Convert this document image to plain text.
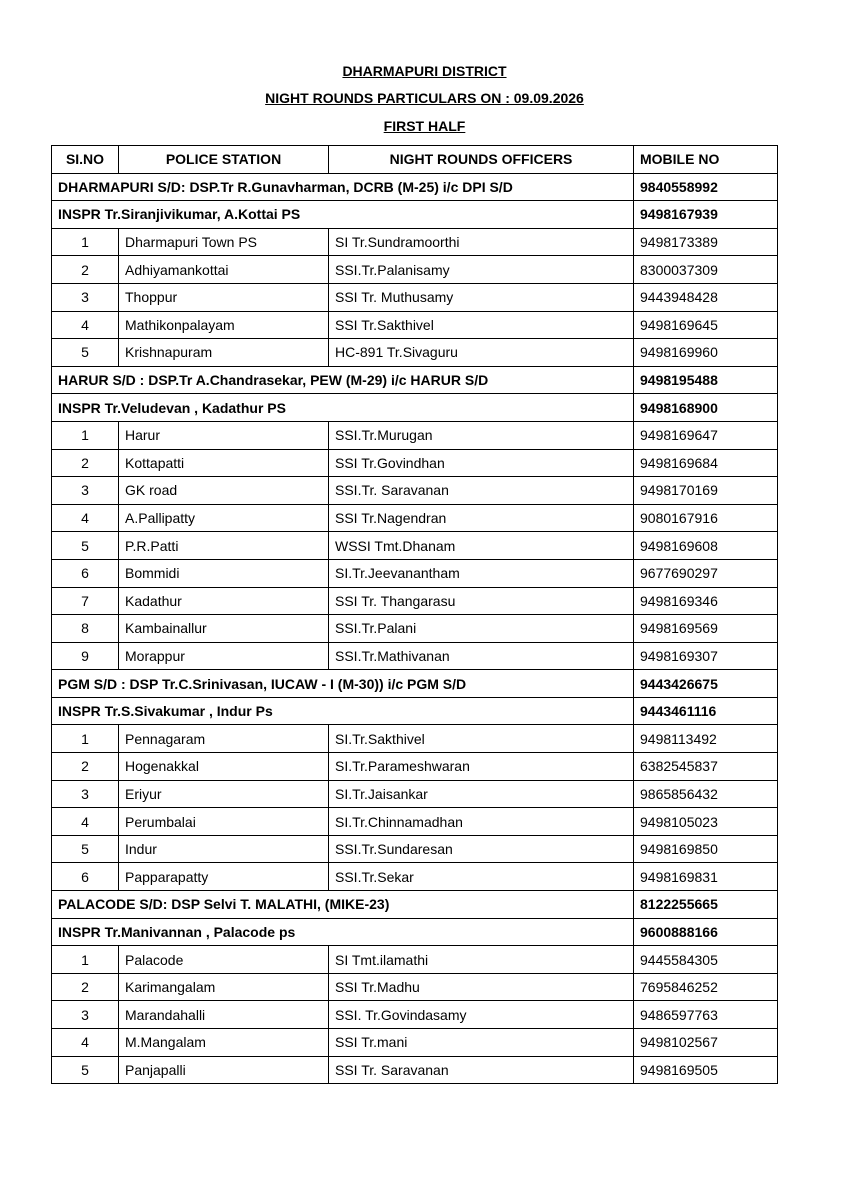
DHARMAPURI DISTRICT
NIGHT ROUNDS PARTICULARS ON : 09.09.2026
FIRST HALF
SI.NO	POLICE STATION	NIGHT ROUNDS OFFICERS	MOBILE NO
DHARMAPURI S/D: DSP.Tr R.Gunavharman, DCRB (M-25) i/c DPI S/D			9840558992
INSPR Tr.Siranjivikumar, A.Kottai PS			9498167939
1	Dharmapuri Town PS	SI Tr.Sundramoorthi	9498173389
2	Adhiyamankottai	SSI.Tr.Palanisamy	8300037309
3	Thoppur	SSI Tr. Muthusamy	9443948428
4	Mathikonpalayam	SSI Tr.Sakthivel	9498169645
5	Krishnapuram	HC-891 Tr.Sivaguru	9498169960
HARUR S/D : DSP.Tr A.Chandrasekar, PEW (M-29) i/c HARUR S/D			9498195488
INSPR Tr.Veludevan , Kadathur PS			9498168900
1	Harur	SSI.Tr.Murugan	9498169647
2	Kottapatti	SSI Tr.Govindhan	9498169684
3	GK road	SSI.Tr. Saravanan	9498170169
4	A.Pallipatty	SSI Tr.Nagendran	9080167916
5	P.R.Patti	WSSI Tmt.Dhanam	9498169608
6	Bommidi	SI.Tr.Jeevanantham	9677690297
7	Kadathur	SSI Tr. Thangarasu	9498169346
8	Kambainallur	SSI.Tr.Palani	9498169569
9	Morappur	SSI.Tr.Mathivanan	9498169307
PGM S/D : DSP Tr.C.Srinivasan, IUCAW - I (M-30)) i/c PGM S/D			9443426675
INSPR Tr.S.Sivakumar , Indur Ps			9443461116
1	Pennagaram	SI.Tr.Sakthivel	9498113492
2	Hogenakkal	SI.Tr.Parameshwaran	6382545837
3	Eriyur	SI.Tr.Jaisankar	9865856432
4	Perumbalai	SI.Tr.Chinnamadhan	9498105023
5	Indur	SSI.Tr.Sundaresan	9498169850
6	Papparapatty	SSI.Tr.Sekar	9498169831
PALACODE S/D: DSP Selvi T. MALATHI, (MIKE-23)			8122255665
INSPR Tr.Manivannan , Palacode ps			9600888166
1	Palacode	SI Tmt.ilamathi	9445584305
2	Karimangalam	SSI Tr.Madhu	7695846252
3	Marandahalli	SSI. Tr.Govindasamy	9486597763
4	M.Mangalam	SSI Tr.mani	9498102567
5	Panjapalli	SSI Tr. Saravanan	9498169505
